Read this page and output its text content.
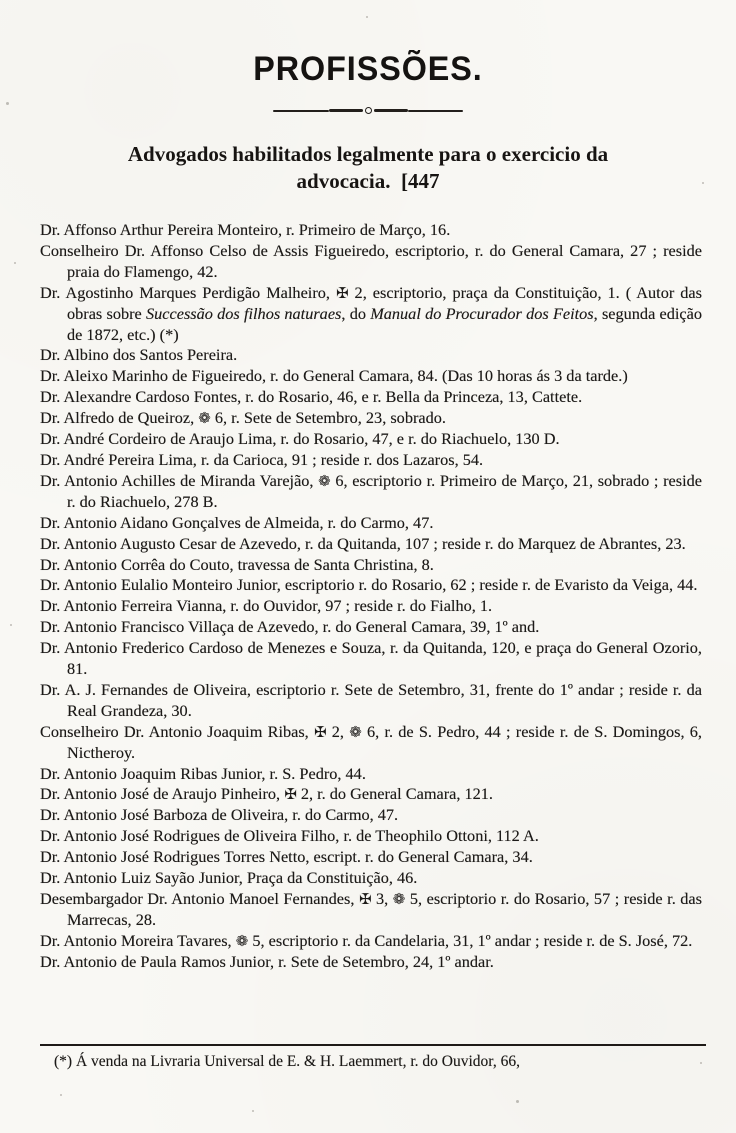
PROFISSÕES.
Advogados habilitados legalmente para o exercicio da
advocacia. [447
Dr. Affonso Arthur Pereira Monteiro, r. Primeiro de Março, 16.
Conselheiro Dr. Affonso Celso de Assis Figueiredo, escriptorio, r. do General Camara, 27 ; reside praia do Flamengo, 42.
Dr. Agostinho Marques Perdigão Malheiro, ✠ 2, escriptorio, praça da Constituição, 1. ( Autor das obras sobre Successão dos filhos naturaes, do Manual do Procurador dos Feitos, segunda edição de 1872, etc.) (*)
Dr. Albino dos Santos Pereira.
Dr. Aleixo Marinho de Figueiredo, r. do General Camara, 84. (Das 10 horas ás 3 da tarde.)
Dr. Alexandre Cardoso Fontes, r. do Rosario, 46, e r. Bella da Princeza, 13, Cattete.
Dr. Alfredo de Queiroz, ❁ 6, r. Sete de Setembro, 23, sobrado.
Dr. André Cordeiro de Araujo Lima, r. do Rosario, 47, e r. do Riachuelo, 130 D.
Dr. André Pereira Lima, r. da Carioca, 91 ; reside r. dos Lazaros, 54.
Dr. Antonio Achilles de Miranda Varejão, ❁ 6, escriptorio r. Primeiro de Março, 21, sobrado ; reside r. do Riachuelo, 278 B.
Dr. Antonio Aidano Gonçalves de Almeida, r. do Carmo, 47.
Dr. Antonio Augusto Cesar de Azevedo, r. da Quitanda, 107 ; reside r. do Marquez de Abrantes, 23.
Dr. Antonio Corrêa do Couto, travessa de Santa Christina, 8.
Dr. Antonio Eulalio Monteiro Junior, escriptorio r. do Rosario, 62 ; reside r. de Evaristo da Veiga, 44.
Dr. Antonio Ferreira Vianna, r. do Ouvidor, 97 ; reside r. do Fialho, 1.
Dr. Antonio Francisco Villaça de Azevedo, r. do General Camara, 39, 1º and.
Dr. Antonio Frederico Cardoso de Menezes e Souza, r. da Quitanda, 120, e praça do General Ozorio, 81.
Dr. A. J. Fernandes de Oliveira, escriptorio r. Sete de Setembro, 31, frente do 1º andar ; reside r. da Real Grandeza, 30.
Conselheiro Dr. Antonio Joaquim Ribas, ✠ 2, ❁ 6, r. de S. Pedro, 44 ; reside r. de S. Domingos, 6, Nictheroy.
Dr. Antonio Joaquim Ribas Junior, r. S. Pedro, 44.
Dr. Antonio José de Araujo Pinheiro, ✠ 2, r. do General Camara, 121.
Dr. Antonio José Barboza de Oliveira, r. do Carmo, 47.
Dr. Antonio José Rodrigues de Oliveira Filho, r. de Theophilo Ottoni, 112 A.
Dr. Antonio José Rodrigues Torres Netto, escript. r. do General Camara, 34.
Dr. Antonio Luiz Sayão Junior, Praça da Constituição, 46.
Desembargador Dr. Antonio Manoel Fernandes, ✠ 3, ❁ 5, escriptorio r. do Rosario, 57 ; reside r. das Marrecas, 28.
Dr. Antonio Moreira Tavares, ❁ 5, escriptorio r. da Candelaria, 31, 1º andar ; reside r. de S. José, 72.
Dr. Antonio de Paula Ramos Junior, r. Sete de Setembro, 24, 1º andar.
(*) Á venda na Livraria Universal de E. & H. Laemmert, r. do Ouvidor, 66,
